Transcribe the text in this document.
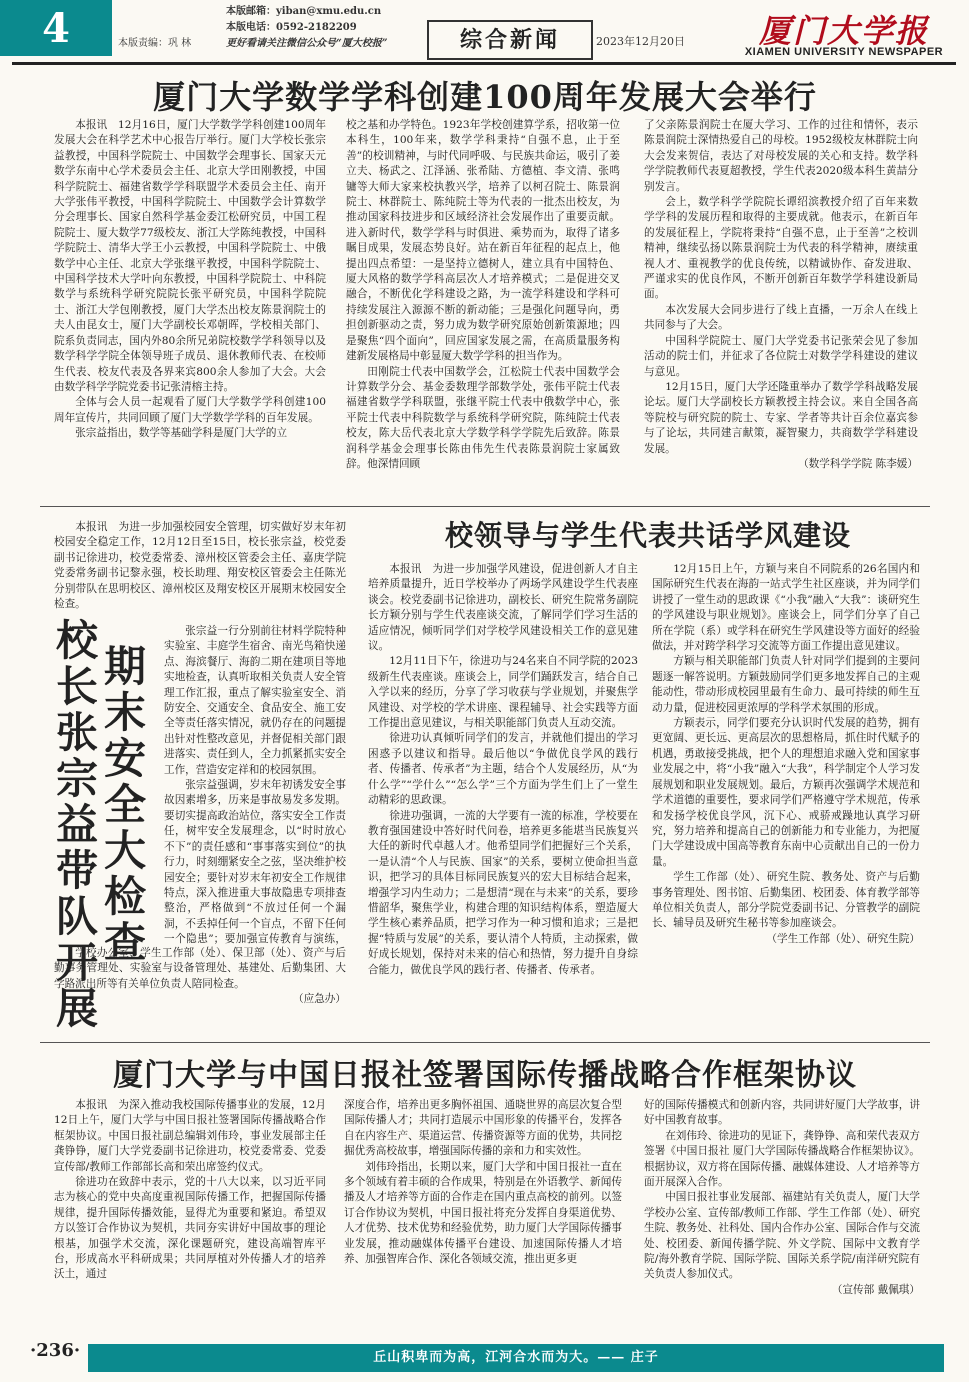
4	本版责编：巩 林
本版邮箱：yiban@xmu.edu.cn
本版电话：0592-2182209
更好看请关注微信公众号“厦大校报”	综合新闻	2023年12月20日	厦门大学报
XIAMEN UNIVERSITY NEWSPAPER
厦门大学数学学科创建100周年发展大会举行

本报讯　12月16日，厦门大学数学学科创建100周年发展大会在科学艺术中心报告厅举行。厦门大学校长张宗益教授，中国科学院院士、中国数学会理事长、国家天元数学东南中心学术委员会主任、北京大学田刚教授，中国科学院院士、福建省数学学科联盟学术委员会主任、南开大学张伟平教授，中国科学院院士、中国数学会计算数学分会理事长、国家自然科学基金委江松研究员，中国工程院院士、厦大数学77级校友、浙江大学陈纯教授，中国科学院院士、清华大学王小云教授，中国科学院院士、中俄数学中心主任、北京大学张继平教授，中国科学院院士、中国科学技术大学叶向东教授，中国科学院院士、中科院数学与系统科学研究院院长张平研究员，中国科学院院士、浙江大学包刚教授，厦门大学杰出校友陈景润院士的夫人由昆女士，厦门大学副校长邓朝晖，学校相关部门、院系负责同志，国内外80余所兄弟院校数学学科领导以及数学科学学院全体领导班子成员、退休教师代表、在校师生代表、校友代表及各界来宾800余人参加了大会。大会由数学科学学院党委书记张清榕主持。

全体与会人员一起观看了厦门大学数学学科创建100周年宣传片，共同回顾了厦门大学数学学科的百年发展。

张宗益指出，数学等基础学科是厦门大学的立

校之基和办学特色。1923年学校创建算学系，招收第一位本科生，100年来，数学学科秉持“自强不息，止于至善”的校训精神，与时代同呼吸、与民族共命运，吸引了姜立夫、杨武之、江泽涵、张希陆、方德植、李文清、张鸣镛等大师大家来校执教兴学，培养了以柯召院士、陈景润院士、林群院士、陈纯院士等为代表的一批杰出校友，为推动国家科技进步和区域经济社会发展作出了重要贡献。进入新时代，数学学科与时俱进、乘势而为，取得了诸多瞩目成果，发展态势良好。站在新百年征程的起点上，他提出四点希望：一是坚持立德树人，建立具有中国特色、厦大风格的数学学科高层次人才培养模式；二是促进交叉融合，不断优化学科建设之路，为一流学科建设和学科可持续发展注入源源不断的新动能；三是强化问题导向，勇担创新驱动之责，努力成为数学研究原始创新策源地；四是聚焦“四个面向”，回应国家发展之需，在高质量服务构建新发展格局中彰显厦大数学学科的担当作为。

田刚院士代表中国数学会，江松院士代表中国数学会计算数学分会、基金委数理学部数学处，张伟平院士代表福建省数学学科联盟，张继平院士代表中俄数学中心，张平院士代表中科院数学与系统科学研究院，陈纯院士代表校友，陈大岳代表北京大学数学科学学院先后致辞。陈景润科学基金会理事长陈由伟先生代表陈景润院士家属致辞。他深情回顾

了父亲陈景润院士在厦大学习、工作的过往和情怀，表示陈景润院士深情热爱自己的母校。1952级校友林群院士向大会发来贺信，表达了对母校发展的关心和支持。数学科学学院教师代表夏超教授，学生代表2020级本科生黄喆分别发言。

会上，数学科学学院院长谭绍滨教授介绍了百年来数学学科的发展历程和取得的主要成就。他表示，在新百年的发展征程上，学院将秉持“自强不息，止于至善”之校训精神，继续弘扬以陈景润院士为代表的科学精神，赓续重视人才、重视教学的优良传统，以精诚协作、奋发进取、严谨求实的优良作风，不断开创新百年数学学科建设新局面。

本次发展大会同步进行了线上直播，一万余人在线上共同参与了大会。

中国科学院院士、厦门大学党委书记张荣会见了参加活动的院士们，并征求了各位院士对数学学科建设的建议与意见。

12月15日，厦门大学还隆重举办了数学学科战略发展论坛。厦门大学副校长方颖教授主持会议。来自全国各高等院校与研究院的院士、专家、学者等共计百余位嘉宾参与了论坛，共同建言献策，凝智聚力，共商数学学科建设发展。

（数学科学学院 陈李媛）

本报讯　为进一步加强校园安全管理，切实做好岁末年初校园安全稳定工作，12月12日至15日，校长张宗益，校党委副书记徐进功，校党委常委、漳州校区管委会主任、嘉庚学院党委常务副书记黎永强，校长助理、翔安校区管委会主任陈光分别带队在思明校区、漳州校区及翔安校区开展期末校园安全检查。

校长张宗益带队开展
期末安全大检查

张宗益一行分别前往材料学院特种实验室、丰庭学生宿舍、南光鸟箱快递点、海滨餐厅、海韵二期在建项目等地实地检查，认真听取相关负责人安全管理工作汇报，重点了解实验室安全、消防安全、交通安全、食品安全、施工安全等责任落实情况，就仍存在的问题提出针对性整改意见，并督促相关部门跟进落实、责任到人，全力抓紧抓实安全工作，营造安定祥和的校园氛围。

张宗益强调，岁末年初诱发安全事故因素增多，历来是事故易发多发期。要切实提高政治站位，落实安全工作责任，树牢安全发展理念，以“时时放心不下”的责任感和“事事落实到位”的执行力，时刻绷紧安全之弦，坚决维护校园安全；要针对岁末年初安全工作规律特点，深入推进重大事故隐患专项排查整治，严格做到“不放过任何一个漏洞，不丢掉任何一个盲点，不留下任何一个隐患”；要加强宣传教育与演练，

学校办公室、学生工作部（处）、保卫部（处）、资产与后勤事务管理处、实验室与设备管理处、基建处、后勤集团、大学路派出所等有关单位负责人陪同检查。

（应急办）

校领导与学生代表共话学风建设

本报讯　为进一步加强学风建设，促进创新人才自主培养质量提升，近日学校举办了两场学风建设学生代表座谈会。校党委副书记徐进功，副校长、研究生院常务副院长方颖分别与学生代表座谈交流，了解同学们学习生活的适应情况，倾听同学们对学校学风建设相关工作的意见建议。

12月11日下午，徐进功与24名来自不同学院的2023级新生代表座谈。座谈会上，同学们踊跃发言，结合自己入学以来的经历，分享了学习收获与学业规划，并聚焦学风建设、对学校的学术讲座、课程辅导、社会实践等方面工作提出意见建议，与相关职能部门负责人互动交流。

徐进功认真倾听同学们的发言，并就他们提出的学习困惑予以建议和指导。最后他以“争做优良学风的践行者、传播者、传承者”为主题，结合个人发展经历，从“为什么学”“学什么”“怎么学”三个方面为学生们上了一堂生动精彩的思政课。

徐进功强调，一流的大学要有一流的标准，学校要在教育强国建设中答好时代问卷，培养更多能堪当民族复兴大任的新时代卓越人才。他希望同学们把握好三个关系，一是认清“个人与民族、国家”的关系，要树立使命担当意识，把学习的具体目标同民族复兴的宏大目标结合起来，增强学习内生动力；二是想清“现在与未来”的关系，要珍惜韶华，聚焦学业，构建合理的知识结构体系，塑造厦大学生核心素养品质，把学习作为一种习惯和追求；三是把握“特质与发展”的关系，要认清个人特质，主动探索，做好成长规划，保持对未来的信心和热情，努力提升自身综合能力，做优良学风的践行者、传播者、传承者。

12月15日上午，方颖与来自不同院系的26名国内和国际研究生代表在海韵一站式学生社区座谈，并为同学们讲授了一堂生动的思政课《“小我”融入“大我”：谈研究生的学风建设与职业规划》。座谈会上，同学们分享了自己所在学院（系）或学科在研究生学风建设等方面好的经验做法，并对跨学科学习交流等方面工作提出意见建议。

方颖与相关职能部门负责人针对同学们提到的主要问题逐一解答说明。方颖鼓励同学们更多地发挥自己的主观能动性，带动形成校园里最有生命力、最可持续的师生互动力量，促进校园更浓厚的学科学术氛围的形成。

方颖表示，同学们要充分认识时代发展的趋势，拥有更宽阔、更长远、更高层次的思想格局，抓住时代赋予的机遇，勇敢接受挑战，把个人的理想追求融入党和国家事业发展之中，将“小我”融入“大我”，科学制定个人学习发展规划和职业发展规划。最后，方颖再次强调学术规范和学术道德的重要性，要求同学们严格遵守学术规范，传承和发扬学校优良学风，沉下心、戒骄戒躁地认真学习研究，努力培养和提高自己的创新能力和专业能力，为把厦门大学建设成中国高等教育东南中心贡献出自己的一份力量。

学生工作部（处）、研究生院、教务处、资产与后勤事务管理处、图书馆、后勤集团、校团委、体育教学部等单位相关负责人，部分学院党委副书记、分管教学的副院长、辅导员及研究生秘书等参加座谈会。

（学生工作部（处）、研究生院）

厦门大学与中国日报社签署国际传播战略合作框架协议

本报讯　为深入推动我校国际传播事业的发展，12月12日上午，厦门大学与中国日报社签署国际传播战略合作框架协议。中国日报社副总编辑刘伟玲，事业发展部主任龚铮铮，厦门大学党委副书记徐进功，校党委常委、党委宣传部/教师工作部部长高和荣出席签约仪式。

徐进功在致辞中表示，党的十八大以来，以习近平同志为核心的党中央高度重视国际传播工作，把握国际传播规律，提升国际传播效能，显得尤为重要和紧迫。希望双方以签订合作协议为契机，共同夯实讲好中国故事的理论根基，加强学术交流，深化课题研究，建设高端智库平台，形成高水平科研成果；共同厚植对外传播人才的培养沃土，通过

深度合作，培养出更多胸怀祖国、通晓世界的高层次复合型国际传播人才；共同打造展示中国形象的传播平台，发挥各自在内容生产、渠道运营、传播资源等方面的优势，共同挖掘优秀高校故事，增强国际传播的亲和力和实效性。

刘伟玲指出，长期以来，厦门大学和中国日报社一直在多个领域有着丰硕的合作成果，特别是在外语教学、新闻传播及人才培养等方面的合作走在国内重点高校的前列。以签订合作协议为契机，中国日报社将充分发挥自身渠道优势、人才优势、技术优势和经验优势，助力厦门大学国际传播事业发展，推动融媒体传播平台建设、加速国际传播人才培养、加强智库合作、深化各领域交流，推出更多更

好的国际传播模式和创新内容，共同讲好厦门大学故事，讲好中国教育故事。

在刘伟玲、徐进功的见证下，龚铮铮、高和荣代表双方签署《中国日报社 厦门大学国际传播战略合作框架协议》。根据协议，双方将在国际传播、融媒体建设、人才培养等方面开展深入合作。

中国日报社事业发展部、福建站有关负责人，厦门大学学校办公室、宣传部/教师工作部、学生工作部（处）、研究生院、教务处、社科处、国内合作办公室、国际合作与交流处、校团委、新闻传播学院、外文学院、国际中文教育学院/海外教育学院、国际学院、国际关系学院/南洋研究院有关负责人参加仪式。

（宣传部 戴佩琪）

·236·	丘山积卑而为高，江河合水而为大。—— 庄子
